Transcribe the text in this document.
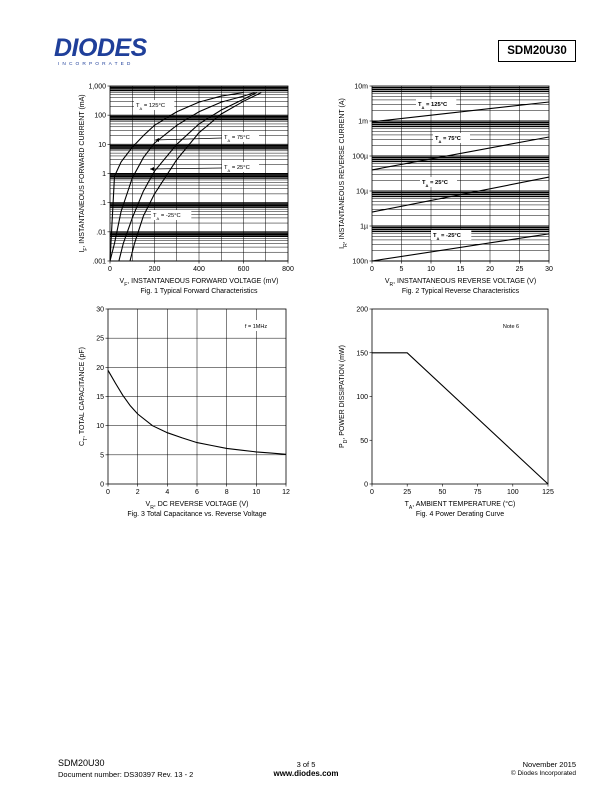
DIODES
INCORPORATED
SDM20U30
0	200	400	600	800
1,000
100
10
1
.1
.01
.001
$V_F$, INSTANTANEOUS FORWARD VOLTAGE (mV)
$I_F$, INSTANTANEOUS FORWARD CURRENT (mA)
Fig. 1 Typical Forward Characteristics
$T_A = 125^\circ C$
$T_A = 75^\circ C$
$T_A = 25^\circ C$
$T_A = -25^\circ C$
0	5	10	15	20	25	30
10m
1m
100µ
10µ
1µ
100n
$V_R$, INSTANTANEOUS REVERSE VOLTAGE (V)
$I_R$, INSTANTANEOUS REVERSE CURRENT (A)
Fig. 2 Typical Reverse Characteristics
$T_A = 125^\circ C$
$T_A = 75^\circ C$
$T_A = 25^\circ C$
$T_A = -25^\circ C$
0	2	4	6	8	10	12
30
25
20
15
10
5
0
$V_R$, DC REVERSE VOLTAGE (V)
$C_T$, TOTAL CAPACITANCE (pF)
Fig. 3 Total Capacitance vs. Reverse Voltage
f = 1MHz
0	25	50	75	100	125
200
150
100
50
0
$T_A$, AMBIENT TEMPERATURE (°C)
$P_D$, POWER DISSIPATION (mW)
Fig. 4 Power Derating Curve
Note 6
SDM20U30
Document number: DS30397 Rev. 13 - 2
3 of 5
www.diodes.com
November 2015
© Diodes Incorporated
